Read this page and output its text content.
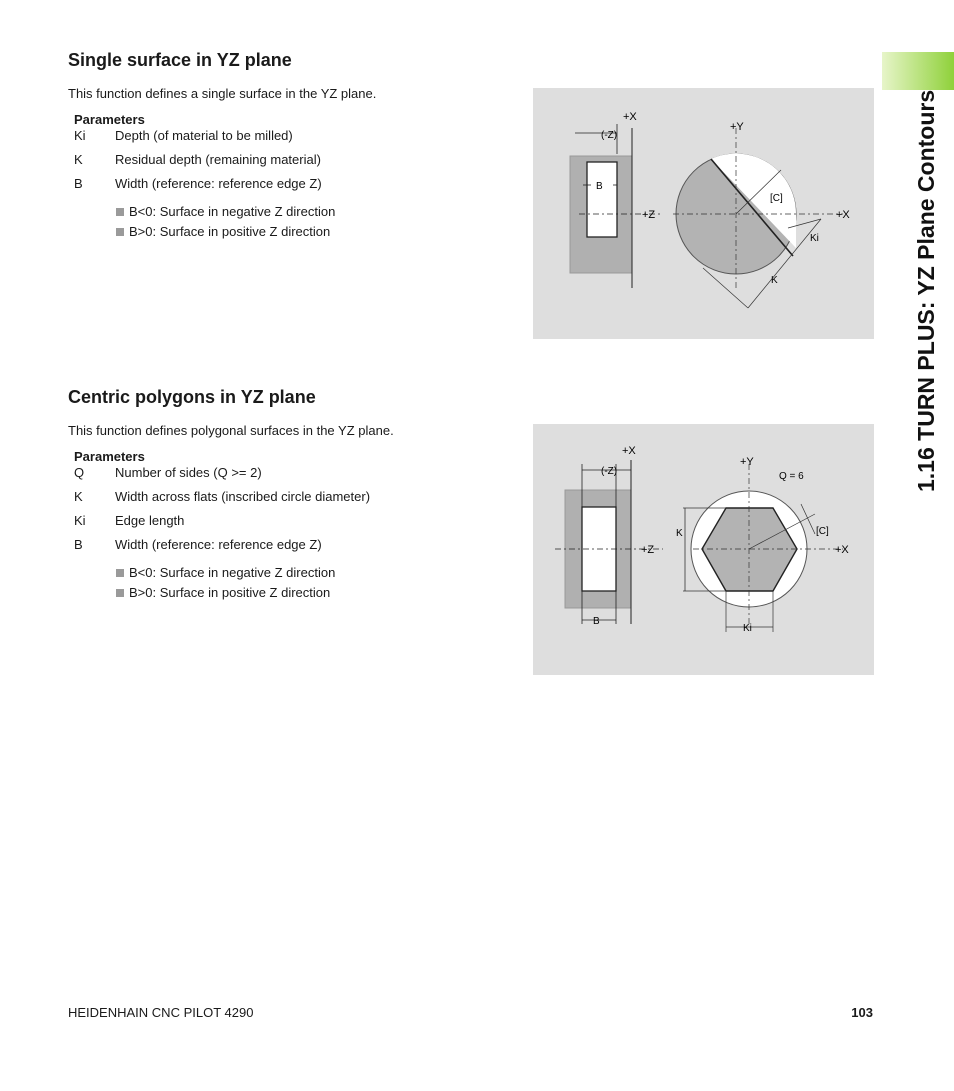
1.16 TURN PLUS: YZ Plane Contours
Single surface in YZ plane

This function defines a single surface in the YZ plane.

Parameters
Ki	Depth (of material to be milled)
K	Residual depth (remaining material)
B	Width (reference: reference edge Z)
B<0: Surface in negative Z direction
B>0: Surface in positive Z direction
+X
(-Z)
B
+Z
+Y
+X
[C]
Ki
K
Centric polygons in YZ plane

This function defines polygonal surfaces in the YZ plane.

Parameters
Q	Number of sides (Q >= 2)
K	Width across flats (inscribed circle diameter)
Ki	Edge length
B	Width (reference: reference edge Z)
B<0: Surface in negative Z direction
B>0: Surface in positive Z direction
+X
(-Z)
B
+Z
+Y
Q = 6
K	[C]
+X
Ki
HEIDENHAIN CNC PILOT 4290	103
